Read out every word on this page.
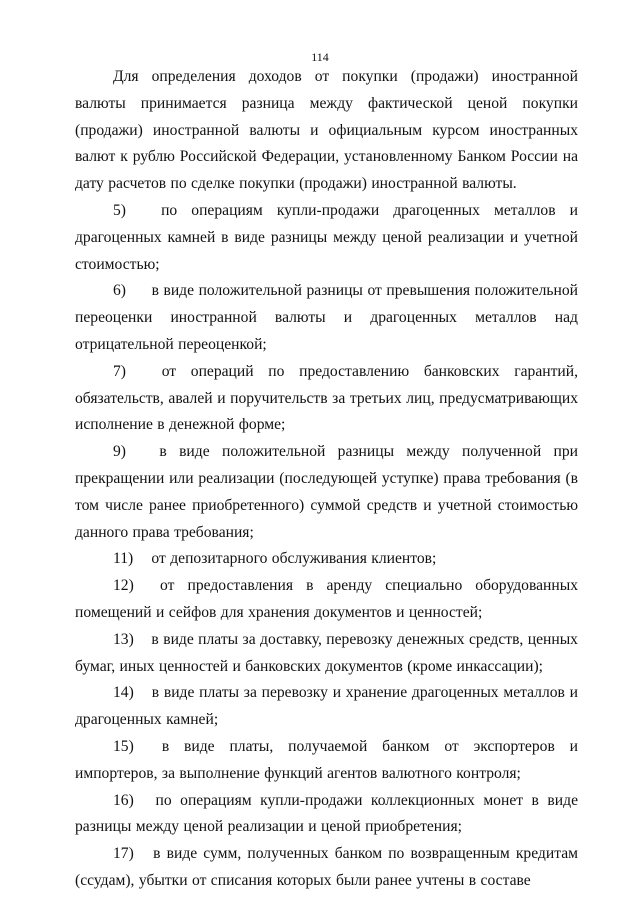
114

Для определения доходов от покупки (продажи) иностранной валюты принимается разница между фактической ценой покупки (продажи) иностранной валюты и официальным курсом иностранных валют к рублю Российской Федерации, установленному Банком России на дату расчетов по сделке покупки (продажи) иностранной валюты.

5) по операциям купли-продажи драгоценных металлов и драгоценных камней в виде разницы между ценой реализации и учетной стоимостью;

6) в виде положительной разницы от превышения положительной переоценки иностранной валюты и драгоценных металлов над отрицательной переоценкой;

7) от операций по предоставлению банковских гарантий, обязательств, авалей и поручительств за третьих лиц, предусматривающих исполнение в денежной форме;

9) в виде положительной разницы между полученной при прекращении или реализации (последующей уступке) права требования (в том числе ранее приобретенного) суммой средств и учетной стоимостью данного права требования;

11) от депозитарного обслуживания клиентов;

12) от предоставления в аренду специально оборудованных помещений и сейфов для хранения документов и ценностей;

13) в виде платы за доставку, перевозку денежных средств, ценных бумаг, иных ценностей и банковских документов (кроме инкассации);

14) в виде платы за перевозку и хранение драгоценных металлов и драгоценных камней;

15) в виде платы, получаемой банком от экспортеров и импортеров, за выполнение функций агентов валютного контроля;

16) по операциям купли-продажи коллекционных монет в виде разницы между ценой реализации и ценой приобретения;

17) в виде сумм, полученных банком по возвращенным кредитам (ссудам), убытки от списания которых были ранее учтены в составе
